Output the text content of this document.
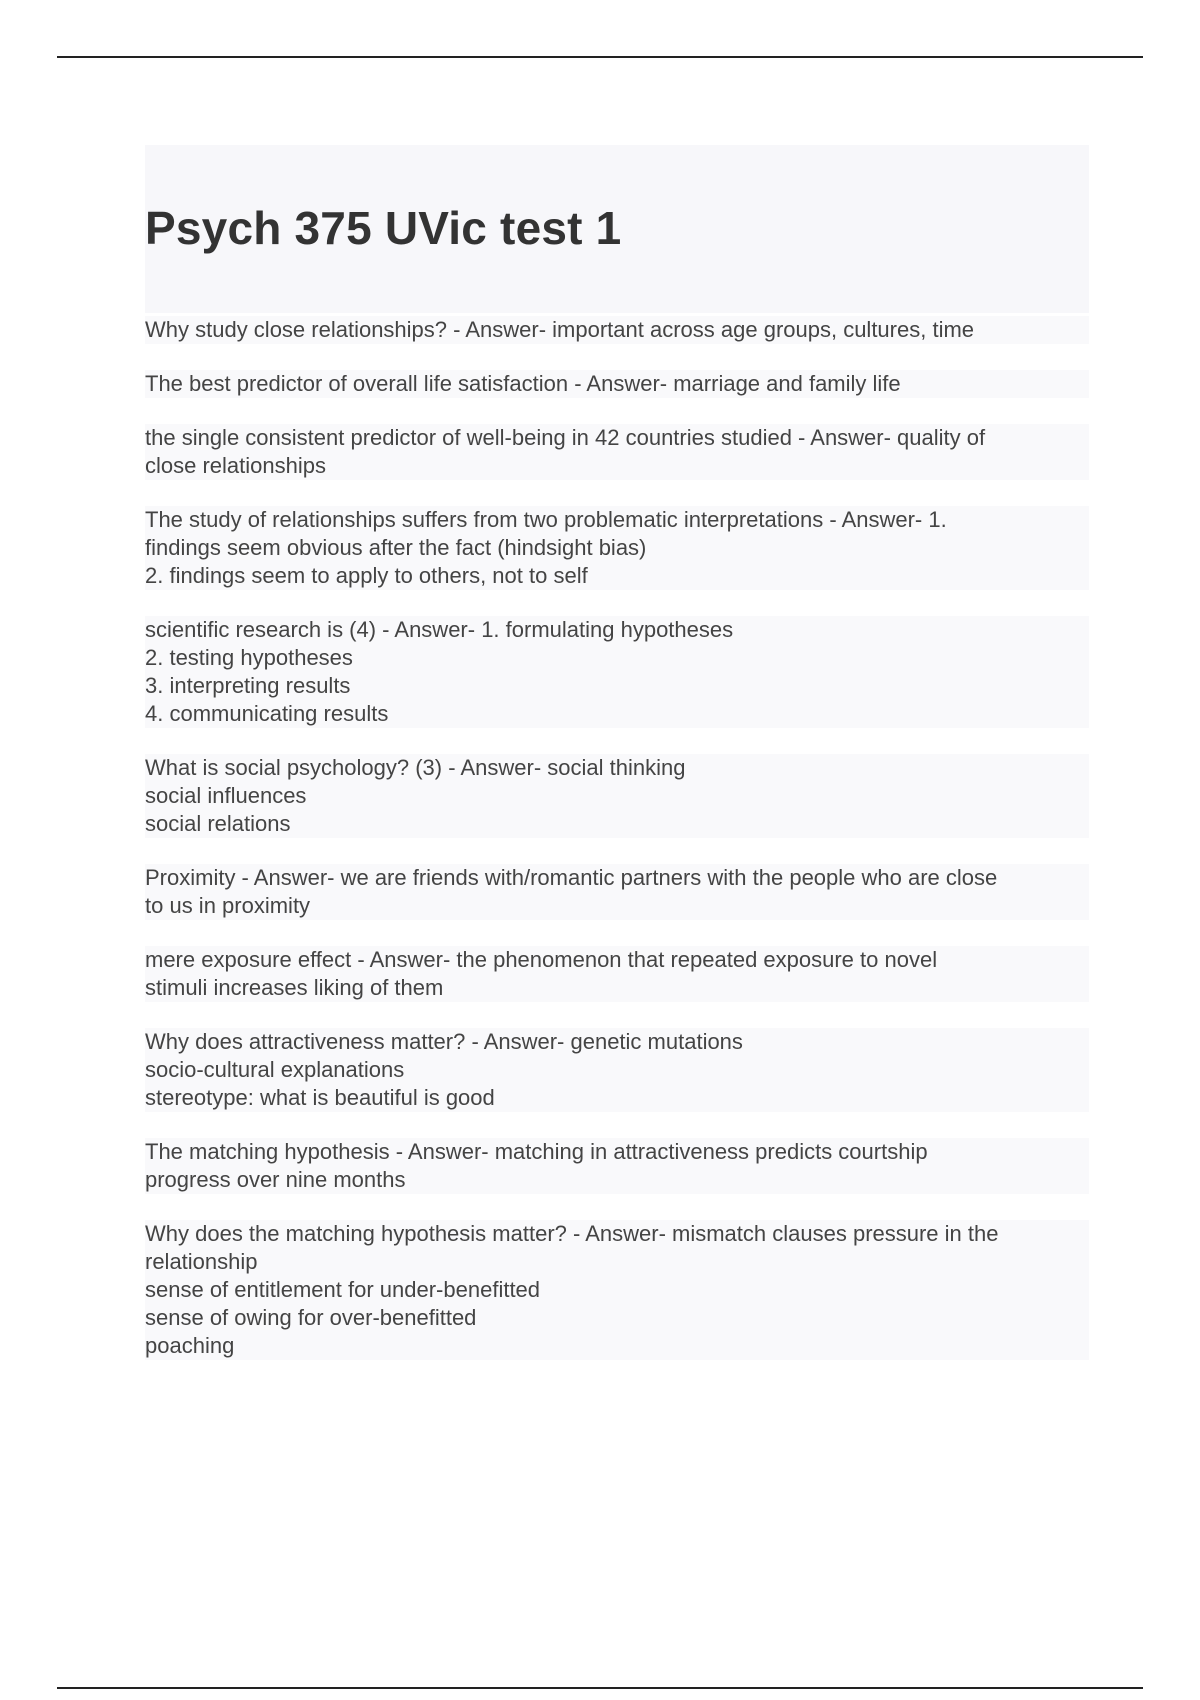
Psych 375 UVic test 1
Why study close relationships? - Answer- important across age groups, cultures, time
The best predictor of overall life satisfaction - Answer- marriage and family life
the single consistent predictor of well-being in 42 countries studied - Answer- quality of
close relationships
The study of relationships suffers from two problematic interpretations - Answer- 1.
findings seem obvious after the fact (hindsight bias)
2. findings seem to apply to others, not to self
scientific research is (4) - Answer- 1. formulating hypotheses
2. testing hypotheses
3. interpreting results
4. communicating results
What is social psychology? (3) - Answer- social thinking
social influences
social relations
Proximity - Answer- we are friends with/romantic partners with the people who are close
to us in proximity
mere exposure effect - Answer- the phenomenon that repeated exposure to novel
stimuli increases liking of them
Why does attractiveness matter? - Answer- genetic mutations
socio-cultural explanations
stereotype: what is beautiful is good
The matching hypothesis - Answer- matching in attractiveness predicts courtship
progress over nine months
Why does the matching hypothesis matter? - Answer- mismatch clauses pressure in the
relationship
sense of entitlement for under-benefitted
sense of owing for over-benefitted
poaching
